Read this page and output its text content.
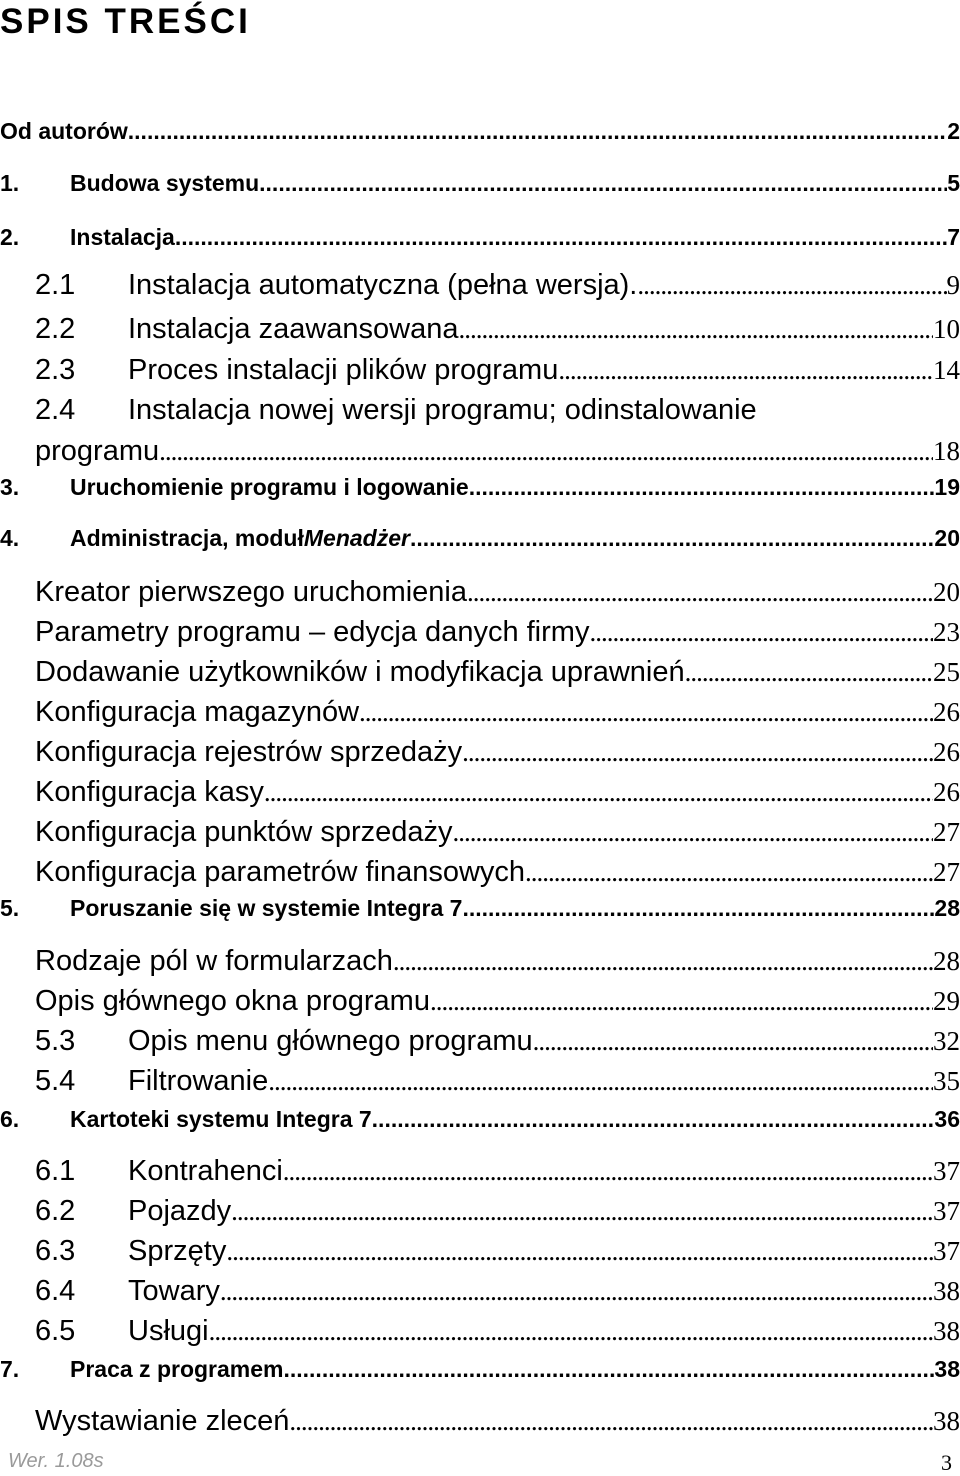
SPIS TREŚCI
Od autorów .....	2
1.	Budowa systemu .....	5
2.	Instalacja .....	7
2.1	Instalacja automatyczna (pełna wersja). .....	9
2.2	Instalacja zaawansowana .....	10
2.3	Proces instalacji plików programu .....	14
2.4	Instalacja nowej wersji programu; odinstalowanie
programu .....	18
3.	Uruchomienie programu i logowanie .....	19
4.	Administracja, moduł Menadżer .....	20
Kreator pierwszego uruchomienia .....	20
Parametry programu – edycja danych firmy .....	23
Dodawanie użytkowników i modyfikacja uprawnień .....	25
Konfiguracja magazynów .....	26
Konfiguracja rejestrów sprzedaży .....	26
Konfiguracja kasy .....	26
Konfiguracja punktów sprzedaży .....	27
Konfiguracja parametrów finansowych .....	27
5.	Poruszanie się w systemie Integra 7 .....	28
Rodzaje pól w formularzach .....	28
Opis głównego okna programu .....	29
5.3	Opis menu głównego programu .....	32
5.4	Filtrowanie .....	35
6.	Kartoteki systemu Integra 7 .....	36
6.1	Kontrahenci .....	37
6.2	Pojazdy .....	37
6.3	Sprzęty .....	37
6.4	Towary .....	38
6.5	Usługi .....	38
7.	Praca z programem .....	38
Wystawianie zleceń .....	38
Wer. 1.08s	3
